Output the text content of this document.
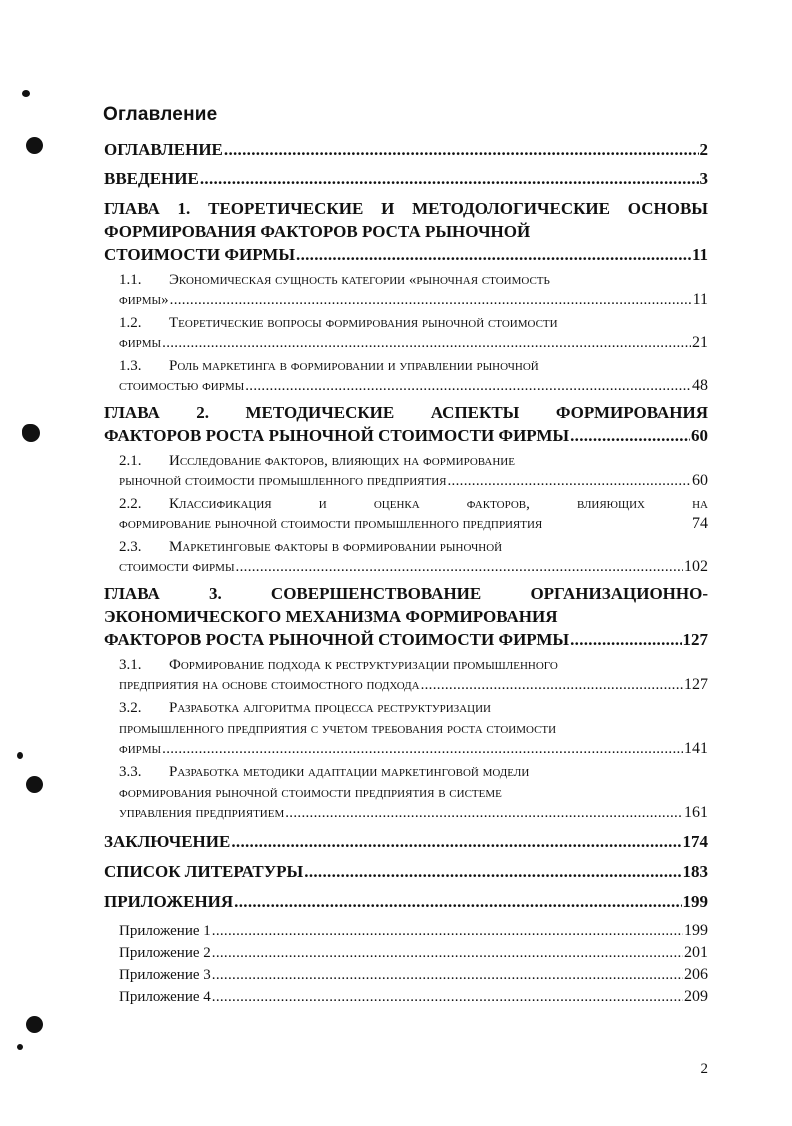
Оглавление
ОГЛАВЛЕНИЕ .....	2
ВВЕДЕНИЕ .....	3
ГЛАВА 1. ТЕОРЕТИЧЕСКИЕ И МЕТОДОЛОГИЧЕСКИЕ ОСНОВЫ
ФОРМИРОВАНИЯ ФАКТОРОВ РОСТА РЫНОЧНОЙ
СТОИМОСТИ ФИРМЫ .....	11
1.1. Экономическая сущность категории «рыночная стоимость
фирмы» .....	11
1.2. Теоретические вопросы формирования рыночной стоимости
фирмы .....	21
1.3. Роль маркетинга в формировании и управлении рыночной
стоимостью фирмы .....	48
ГЛАВА 2. МЕТОДИЧЕСКИЕ АСПЕКТЫ ФОРМИРОВАНИЯ
ФАКТОРОВ РОСТА РЫНОЧНОЙ СТОИМОСТИ ФИРМЫ .....	60
2.1. Исследование факторов, влияющих на формирование
рыночной стоимости промышленного предприятия .....	60
2.2. Классификация и оценка факторов, влияющих на
формирование рыночной стоимости промышленного предприятия	74
2.3. Маркетинговые факторы в формировании рыночной
стоимости фирмы .....	102
ГЛАВА 3. СОВЕРШЕНСТВОВАНИЕ ОРГАНИЗАЦИОННО-
ЭКОНОМИЧЕСКОГО МЕХАНИЗМА ФОРМИРОВАНИЯ
ФАКТОРОВ РОСТА РЫНОЧНОЙ СТОИМОСТИ ФИРМЫ .....	127
3.1. Формирование подхода к реструктуризации промышленного
предприятия на основе стоимостного подхода .....	127
3.2. Разработка алгоритма процесса реструктуризации
промышленного предприятия с учетом требования роста стоимости
фирмы .....	141
3.3. Разработка методики адаптации маркетинговой модели
формирования рыночной стоимости предприятия в системе
управления предприятием .....	161
ЗАКЛЮЧЕНИЕ .....	174
СПИСОК ЛИТЕРАТУРЫ .....	183
ПРИЛОЖЕНИЯ .....	199
Приложение 1 .....	199
Приложение 2 .....	201
Приложение 3 .....	206
Приложение 4 .....	209
2
